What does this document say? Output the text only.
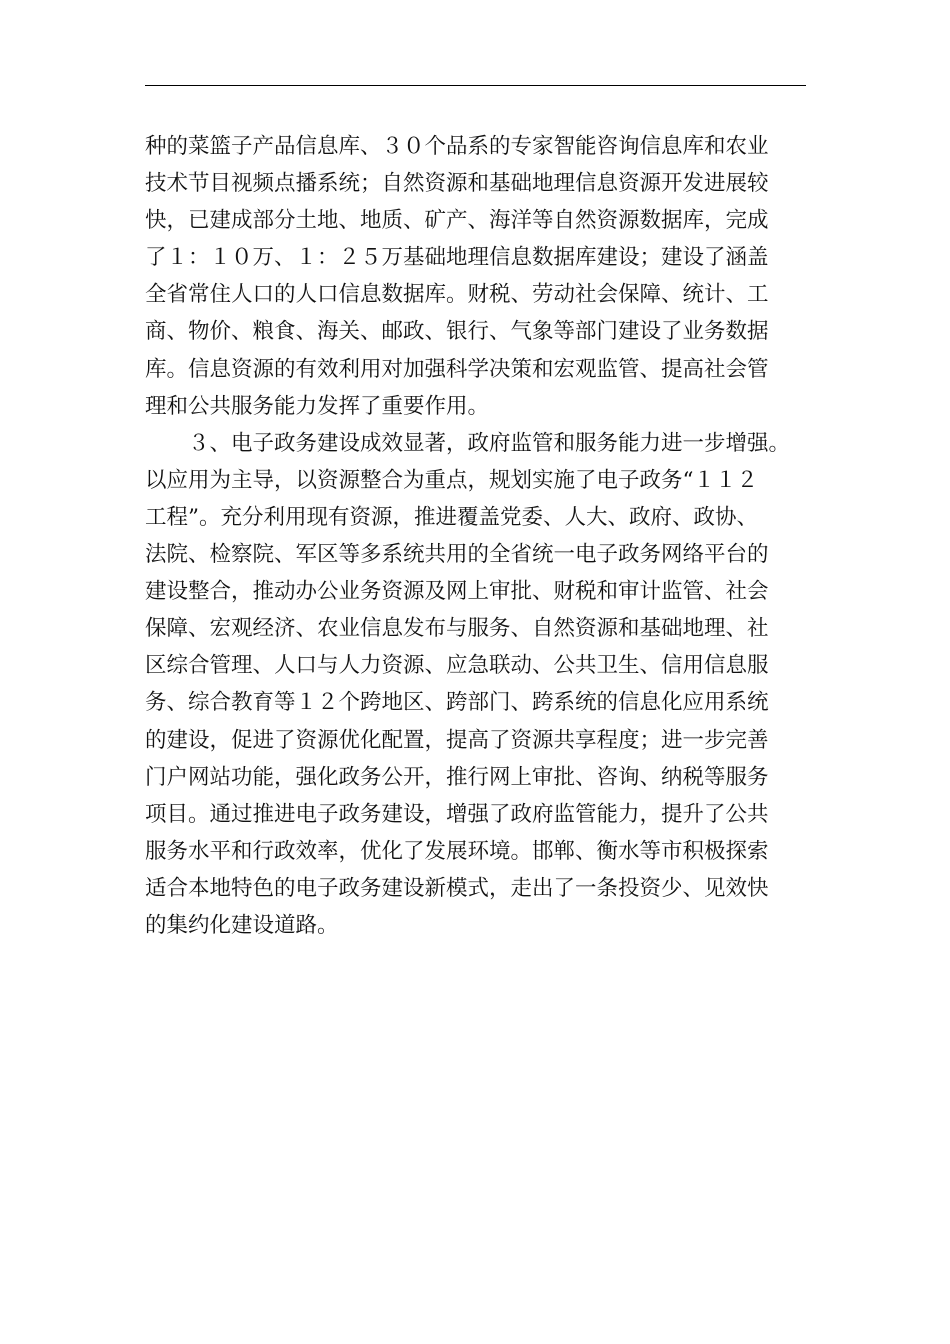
种的菜篮子产品信息库、３０个品系的专家智能咨询信息库和农业
技术节目视频点播系统；自然资源和基础地理信息资源开发进展较
快，已建成部分土地、地质、矿产、海洋等自然资源数据库，完成
了１：１０万、１：２５万基础地理信息数据库建设；建设了涵盖
全省常住人口的人口信息数据库。财税、劳动社会保障、统计、工
商、物价、粮食、海关、邮政、银行、气象等部门建设了业务数据
库。信息资源的有效利用对加强科学决策和宏观监管、提高社会管
理和公共服务能力发挥了重要作用。
３、电子政务建设成效显著，政府监管和服务能力进一步增强。
以应用为主导，以资源整合为重点，规划实施了电子政务“１１２
工程”。充分利用现有资源，推进覆盖党委、人大、政府、政协、
法院、检察院、军区等多系统共用的全省统一电子政务网络平台的
建设整合，推动办公业务资源及网上审批、财税和审计监管、社会
保障、宏观经济、农业信息发布与服务、自然资源和基础地理、社
区综合管理、人口与人力资源、应急联动、公共卫生、信用信息服
务、综合教育等１２个跨地区、跨部门、跨系统的信息化应用系统
的建设，促进了资源优化配置，提高了资源共享程度；进一步完善
门户网站功能，强化政务公开，推行网上审批、咨询、纳税等服务
项目。通过推进电子政务建设，增强了政府监管能力，提升了公共
服务水平和行政效率，优化了发展环境。邯郸、衡水等市积极探索
适合本地特色的电子政务建设新模式，走出了一条投资少、见效快
的集约化建设道路。
